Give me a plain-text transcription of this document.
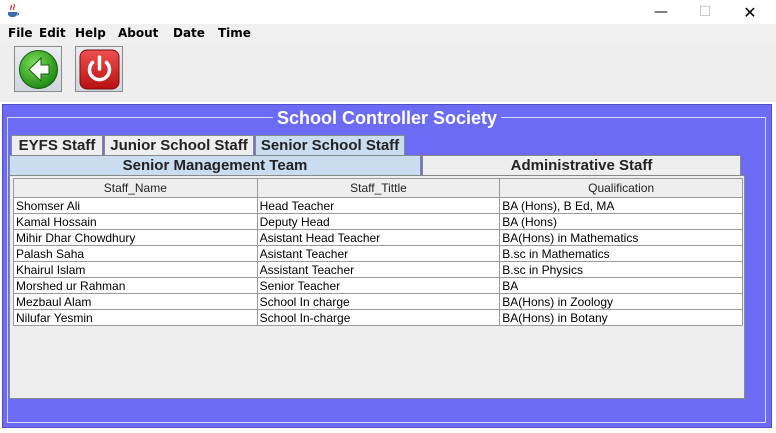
—	☐	✕
File Edit Help About Date Time
School Controller Society
EYFS Staff Junior School Staff Senior School Staff
Senior Management Team	Administrative Staff
Staff_Name	Staff_Tittle	Qualification
Shomser Ali	Head Teacher	BA (Hons), B Ed, MA
Kamal Hossain	Deputy Head	BA (Hons)
Mihir Dhar Chowdhury	Asistant Head Teacher	BA(Hons) in Mathematics
Palash Saha	Asistant Teacher	B.sc in Mathematics
Khairul Islam	Assistant Teacher	B.sc in Physics
Morshed ur Rahman	Senior Teacher	BA
Mezbaul Alam	School In charge	BA(Hons) in Zoology
Nilufar Yesmin	School In-charge	BA(Hons) in Botany
